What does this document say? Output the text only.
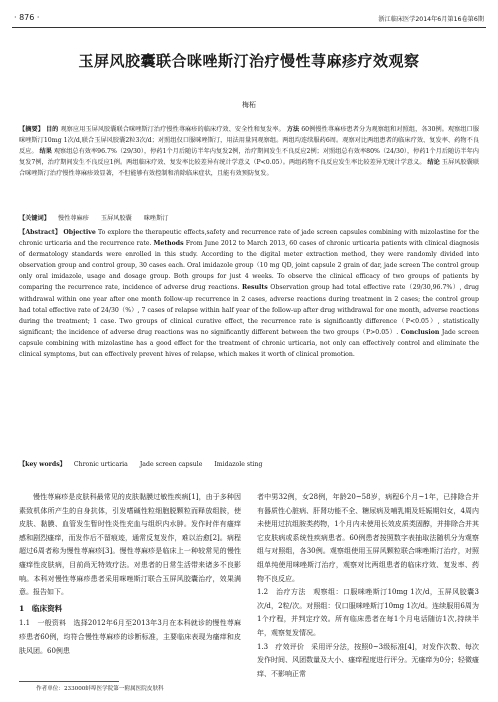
· 876 ·	浙江临床医学2014年6月第16卷第6期
玉屏风胶囊联合咪唑斯汀治疗慢性荨麻疹疗效观察
梅柘
【摘要】 目的 观察应用玉屏风胶囊联合咪唑斯汀治疗慢性荨麻疹的临床疗效、安全性和复发率。 方法 60例慢性荨麻疹患者分为观察组和对照组，各30例。观察组口服咪唑斯汀10mg 1次/d,联合玉屏风胶囊2粒3次/d；对照组仅口服咪唑斯汀，用法用量同观察组。两组均连续服药6周。观察对比两组患者的临床疗效、复发率、药物不良反应。 结果 观察组总有效率96.7%（29/30），停药1个月后随访半年内复发2例，治疗期间发生不良反应2例；对照组总有效率80%（24/30），停药1个月后随访半年内复发7例，治疗期间发生不良反应1例。两组临床疗效、复发率比较差异有统计学意义（P<0.05）。两组药物不良反应发生率比较差异无统计学意义。 结论 玉屏风胶囊联合咪唑斯汀治疗慢性荨麻疹效显著，不但能够有效控制和消除临床症状，且能有效预防复发。
【关键词】 慢性荨麻疹 玉屏风胶囊 咪唑斯汀
【Abstract】 Objective To explore the therapeutic effects,safety and recurrence rate of jade screen capsules combining with mizolastine for the chronic urticaria and the recurrence rate. Methods From June 2012 to March 2013, 60 cases of chronic urticaria patients with clinical diagnosis of dermatology standards were enrolled in this study. According to the digital meter extraction method, they were randomly divided into observation group and control group, 30 cases each. Oral imidazole group（10 mg QD, joint capsule 2 grain of dar, jade screen The control group only oral imidazole, usage and dosage group. Both groups for just 4 weeks. To observe the clinical efficacy of two groups of patients by comparing the recurrence rate, incidence of adverse drug reactions. Results Observation group had total effective rate（29/30,96.7%）, drug withdrawal within one year after one month follow-up recurrence in 2 cases, adverse reactions during treatment in 2 cases; the control group had total effective rate of 24/30（%）, 7 cases of relapse within half year of the follow-up after drug withdrawal for one month, adverse reactions during the treatment; 1 case. Two groups of clinical curative effect, the recurrence rate is significantly difference（P<0.05）, statistically significant; the incidence of adverse drug reactions was no significantly different between the two groups（P>0.05）. Conclusion Jade screen capsule combining with mizolastine has a good effect for the treatment of chronic urticaria, not only can effectively control and eliminate the clinical symptoms, but can effectively prevent hives of relapse, which makes it worth of clinical promotion.
【key words】 Chronic urticaria Jade screen capsule Imidazole sting

慢性荨麻疹是皮肤科最常见的皮肤黏膜过敏性疾病[1]，由于多种因素致机体所产生的自身抗体，引发嗜碱性粒细胞脱颗粒而释放组胺，使皮肤、黏膜、血管发生暂时性炎性充血与组织内水肿。发作时伴有瘙痒感和剧烈瘙痒，而发作后不留痕迹，通常反复发作，难以治愈[2]。病程超过6周者称为慢性荨麻疹[3]。慢性荨麻疹是临床上一种较常见的慢性瘙痒性皮肤病，目前尚无特效疗法。对患者的日常生活带来诸多不良影响。本科对慢性荨麻疹患者采用咪唑斯汀联合玉屏风胶囊治疗，效果满意。报告如下。

1　临床资料

1.1　一般资料　选择2012年6月至2013年3月在本科就诊的慢性荨麻疹患者60例，均符合慢性荨麻疹的诊断标准，主要临床表现为瘙痒和皮肤风团。60例患

者中男32例，女28例，年龄20~58岁，病程6个月~1年，已排除合并有器质性心脏病、肝肾功能不全、糖尿病及哺乳期及妊娠期妇女，4周内未使用过抗组胺类药物，1个月内未使用长效皮质类固醇，并排除合并其它皮肤病或系统性疾病患者。60例患者按照数字表抽取法随机分为观察组与对照组，各30例。观察组使用玉屏风颗粒联合咪唑斯汀治疗，对照组单纯使用咪唑斯汀治疗，观察对比两组患者的临床疗效、复发率、药物不良反应。

1.2　治疗方法　观察组：口服咪唑斯汀10mg 1次/d，玉屏风胶囊3次/d，2粒/次。对照组：仅口服咪唑斯汀10mg 1次/d。连续服用6周为1个疗程，并判定疗效。所有临床患者在每1个月电话随访1次,持续半年，观察复发情况。

1.3　疗效评价　采用评分法，按照0~3级标准[4]，对发作次数、每次发作时间、风团数量及大小、瘙痒程度进行评分。无瘙痒为0分；轻微瘙痒、不影响正常

作者单位：233000蚌埠医学院第一附属医院皮肤科
